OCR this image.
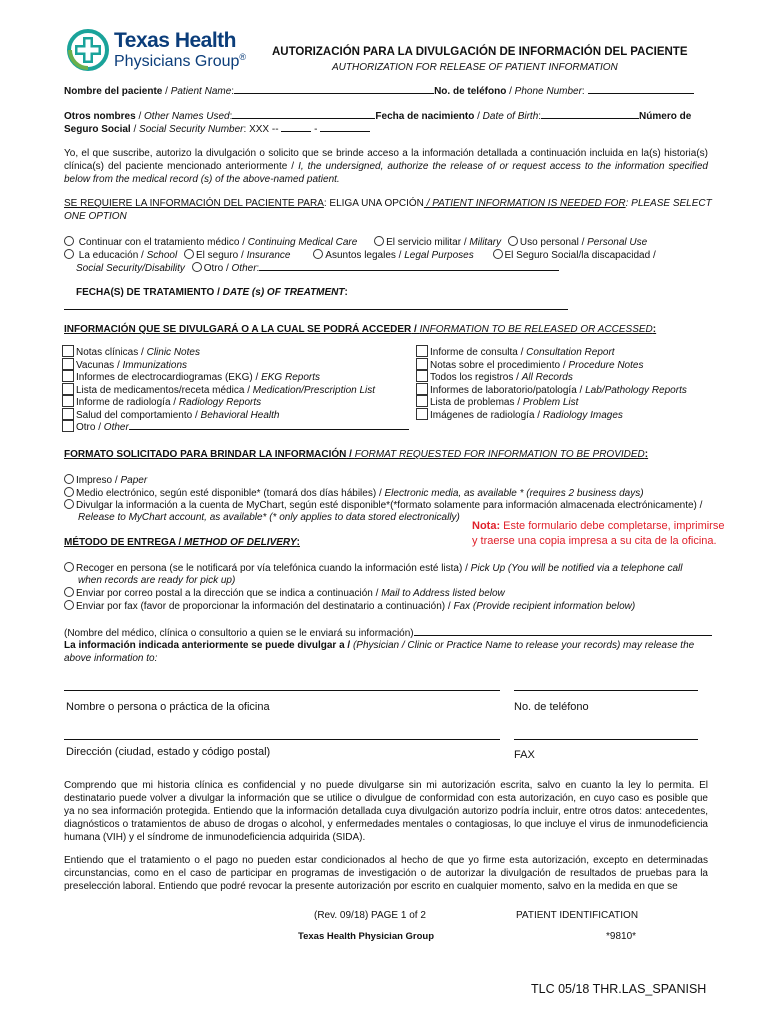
Texas Health
Physicians Group® AUTORIZACIÓN PARA LA DIVULGACIÓN DE INFORMACIÓN DEL PACIENTE
AUTHORIZATION FOR RELEASE OF PATIENT INFORMATION
Nombre del paciente / Patient Name:	No. de teléfono / Phone Number:
Otros nombres / Other Names Used:	Fecha de nacimiento / Date of Birth:	Número de
Seguro Social / Social Security Number: XXX --	-
Yo, el que suscribe, autorizo la divulgación o solicito que se brinde acceso a la información detallada a continuación incluida en la(s) historia(s) clínica(s) del paciente mencionado anteriormente / I, the undersigned, authorize the release of or request access to the information specified below from the medical record (s) of the above-named patient.
SE REQUIERE LA INFORMACIÓN DEL PACIENTE PARA: ELIGA UNA OPCIÓN / PATIENT INFORMATION IS NEEDED FOR: PLEASE SELECT ONE OPTION
Continuar con el tratamiento médico / Continuing Medical Care	El servicio militar / Military Uso personal / Personal Use
La educación / School El seguro / Insurance	Asuntos legales / Legal Purposes	El Seguro Social/la discapacidad /
Social Security/Disability Otro / Other:
FECHA(S) DE TRATAMIENTO / DATE (s) OF TREATMENT:
INFORMACIÓN QUE SE DIVULGARÁ O A LA CUAL SE PODRÁ ACCEDER / INFORMATION TO BE RELEASED OR ACCESSED:
Notas clínicas / Clinic Notes
Vacunas / Immunizations
Informes de electrocardiogramas (EKG) / EKG Reports
Lista de medicamentos/receta médica / Medication/Prescription List
Informe de radiología / Radiology Reports
Salud del comportamiento / Behavioral Health
Otro / Other
Informe de consulta / Consultation Report
Notas sobre el procedimiento / Procedure Notes
Todos los registros / All Records
Informes de laboratorio/patología / Lab/Pathology Reports
Lista de problemas / Problem List
Imágenes de radiología / Radiology Images
FORMATO SOLICITADO PARA BRINDAR LA INFORMACIÓN / FORMAT REQUESTED FOR INFORMATION TO BE PROVIDED:
Impreso / Paper
Medio electrónico, según esté disponible* (tomará dos días hábiles) / Electronic media, as available * (requires 2 business days)
Divulgar la información a la cuenta de MyChart, según esté disponible*(*formato solamente para información almacenada electrónicamente) /
Release to MyChart account, as available* (* only applies to data stored electronically)
Nota: Este formulario debe completarse, imprimirse
y traerse una copia impresa a su cita de la oficina.
MÉTODO DE ENTREGA / METHOD OF DELIVERY:
Recoger en persona (se le notificará por vía telefónica cuando la información esté lista) / Pick Up (You will be notified via a telephone call
when records are ready for pick up)
Enviar por correo postal a la dirección que se indica a continuación / Mail to Address listed below
Enviar por fax (favor de proporcionar la información del destinatario a continuación) / Fax (Provide recipient information below)
(Nombre del médico, clínica o consultorio a quien se le enviará su información)
La información indicada anteriormente se puede divulgar a / (Physician / Clinic or Practice Name to release your records) may release the above information to:
Nombre o persona o práctica de la oficina	No. de teléfono
Dirección (ciudad, estado y código postal)	FAX
Comprendo que mi historia clínica es confidencial y no puede divulgarse sin mi autorización escrita, salvo en cuanto la ley lo permita. El destinatario puede volver a divulgar la información que se utilice o divulgue de conformidad con esta autorización, en cuyo caso es posible que ya no sea información protegida. Entiendo que la información detallada cuya divulgación autorizo podría incluir, entre otros datos: antecedentes, diagnósticos o tratamientos de abuso de drogas o alcohol, y enfermedades mentales o contagiosas, lo que incluye el virus de inmunodeficiencia humana (VIH) y el síndrome de inmunodeficiencia adquirida (SIDA).
Entiendo que el tratamiento o el pago no pueden estar condicionados al hecho de que yo firme esta autorización, excepto en determinadas circunstancias, como en el caso de participar en programas de investigación o de autorizar la divulgación de resultados de pruebas para la preselección laboral. Entiendo que podré revocar la presente autorización por escrito en cualquier momento, salvo en la medida en que se
(Rev. 09/18) PAGE 1 of 2
Texas Health Physician Group
PATIENT IDENTIFICATION
*9810*
TLC 05/18 THR.LAS_SPANISH
